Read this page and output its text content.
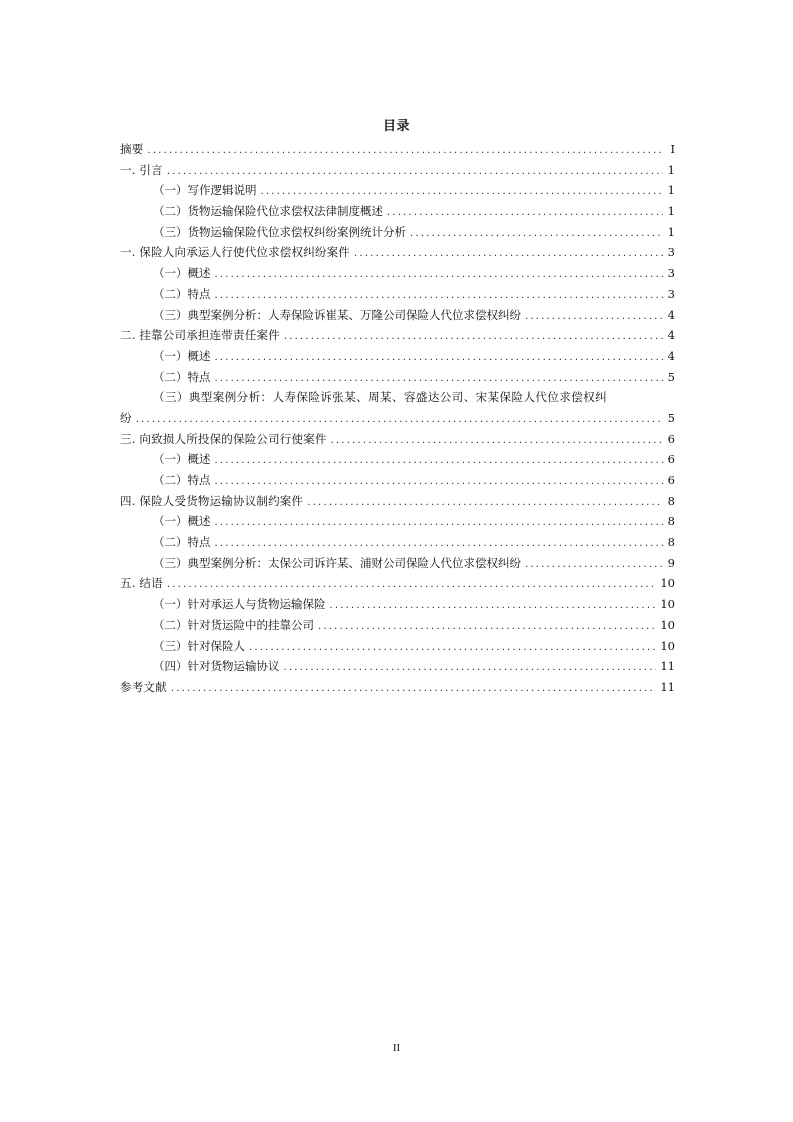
目录
摘要 .....	I
一. 引言 .....	1
（一）写作逻辑说明 .....	1
（二）货物运输保险代位求偿权法律制度概述 .....	1
（三）货物运输保险代位求偿权纠纷案例统计分析 .....	1
一. 保险人向承运人行使代位求偿权纠纷案件 .....	3
（一）概述 .....	3
（二）特点 .....	3
（三）典型案例分析：人寿保险诉崔某、万隆公司保险人代位求偿权纠纷 .....	4
二. 挂靠公司承担连带责任案件 .....	4
（一）概述 .....	4
（二）特点 .....	5
（三）典型案例分析：人寿保险诉张某、周某、容盛达公司、宋某保险人代位求偿权纠
纷 .....	5
三. 向致损人所投保的保险公司行使案件 .....	6
（一）概述 .....	6
（二）特点 .....	6
四. 保险人受货物运输协议制约案件 .....	8
（一）概述 .....	8
（二）特点 .....	8
（三）典型案例分析：太保公司诉许某、浦财公司保险人代位求偿权纠纷 .....	9
五. 结语 .....	10
（一）针对承运人与货物运输保险 .....	10
（二）针对货运险中的挂靠公司 .....	10
（三）针对保险人 .....	10
（四）针对货物运输协议 .....	11
参考文献 .....	11
II
